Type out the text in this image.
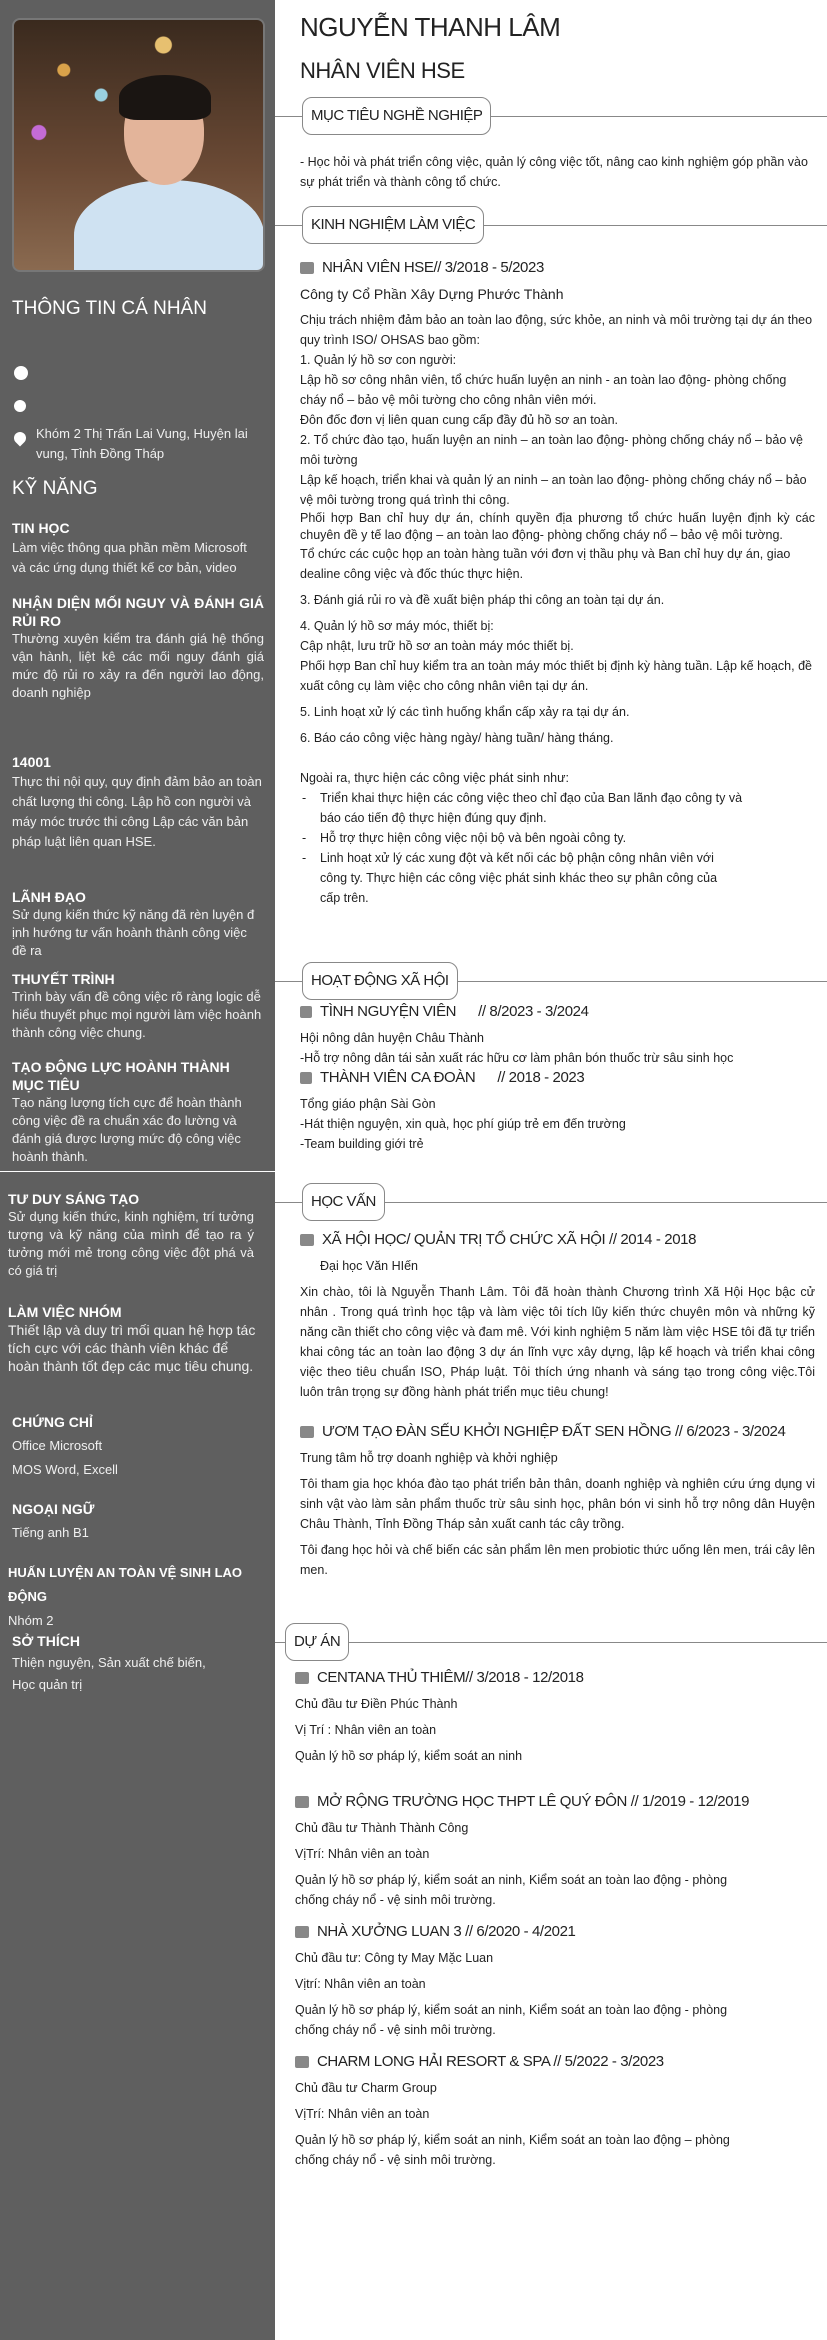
THÔNG TIN CÁ NHÂN
Khóm 2 Thị Trấn Lai Vung, Huyện lai vung, Tỉnh Đồng Tháp
KỸ NĂNG
TIN HỌC
Làm việc thông qua phần mềm Microsoft và các ứng dụng thiết kế cơ bản, video
NHẬN DIỆN MỐI NGUY VÀ ĐÁNH GIÁ RỦI RO
Thường xuyên kiểm tra đánh giá hệ thống vận hành, liệt kê các mối nguy đánh giá mức độ rủi ro xảy ra đến người lao động, doanh nghiệp
14001
Thực thi nội quy, quy định đảm bảo an toàn chất lượng thi công. Lập hồ con người và máy móc trước thi công Lập các văn bản pháp luật liên quan HSE.
LÃNH ĐẠO
Sử dụng kiến thức kỹ năng đã rèn luyện đ ịnh hướng tư vấn hoành thành công việc đề ra
THUYẾT TRÌNH
Trình bày vấn đề công việc rõ ràng logic dễ hiểu thuyết phục mọi người làm việc hoành thành công việc chung.
TẠO ĐỘNG LỰC HOÀNH THÀNH MỤC TIÊU
Tạo năng lượng tích cực để hoàn thành công việc đề ra chuẩn xác đo lường và đánh giá được lượng mức độ công việc hoành thành.
TƯ DUY SÁNG TẠO
Sử dụng kiến thức, kinh nghiệm, trí tưởng tượng và kỹ năng của mình để tạo ra ý tưởng mới mẻ trong công việc đột phá và có giá trị
LÀM VIỆC NHÓM
Thiết lập và duy trì mối quan hệ hợp tác tích cực với các thành viên khác để hoàn thành tốt đẹp các mục tiêu chung.
CHỨNG CHỈ
Office Microsoft
MOS Word, Excell
NGOẠI NGỮ
Tiếng anh B1
HUẤN LUYỆN AN TOÀN VỆ SINH LAO ĐỘNG
Nhóm 2
SỞ THÍCH
Thiện nguyện, Sản xuất chế biến,
Học quản trị
NGUYỄN THANH LÂM
NHÂN VIÊN HSE
MỤC TIÊU NGHỀ NGHIỆP
- Học hỏi và phát triển công việc, quản lý công việc tốt, nâng cao kinh nghiệm góp phần vào sự phát triển và thành công tổ chức.
KINH NGHIỆM LÀM VIỆC
NHÂN VIÊN HSE// 3/2018 - 5/2023

Công ty Cổ Phần Xây Dựng Phước Thành

Chịu trách nhiệm đảm bảo an toàn lao động, sức khỏe, an ninh và môi trường tại dự án theo quy trình ISO/ OHSAS bao gồm:

1. Quản lý hồ sơ con người:

Lập hồ sơ công nhân viên, tổ chức huấn luyện an ninh - an toàn lao động- phòng chống cháy nổ – bảo vệ môi tường cho công nhân viên mới.

Đôn đốc đơn vị liên quan cung cấp đầy đủ hồ sơ an toàn.

2. Tổ chức đào tạo, huấn luyện an ninh – an toàn lao động- phòng chống cháy nổ – bảo vệ môi tường

Lập kế hoạch, triển khai và quản lý an ninh – an toàn lao động- phòng chống cháy nổ – bảo vệ môi tường trong quá trình thi công.

Phối hợp Ban chỉ huy dự án, chính quyền địa phương tổ chức huấn luyện định kỳ các chuyên đề y tế lao động – an toàn lao động- phòng chống cháy nổ – bảo vệ môi tường.

Tổ chức các cuộc họp an toàn hàng tuần với đơn vị thầu phụ và Ban chỉ huy dự án, giao dealine công việc và đốc thúc thực hiện.

3. Đánh giá rủi ro và đề xuất biện pháp thi công an toàn tại dự án.

4. Quản lý hồ sơ máy móc, thiết bị:

Cập nhật, lưu trữ hồ sơ an toàn máy móc thiết bị.

Phối hợp Ban chỉ huy kiểm tra an toàn máy móc thiết bị định kỳ hàng tuần. Lập kế hoạch, đề xuất công cụ làm việc cho công nhân viên tại dự án.

5. Linh hoạt xử lý các tình huống khẩn cấp xảy ra tại dự án.

6. Báo cáo công việc hàng ngày/ hàng tuần/ hàng tháng.

Ngoài ra, thực hiện các công việc phát sinh như:

- Triển khai thực hiện các công việc theo chỉ đạo của Ban lãnh đạo công ty và báo cáo tiến độ thực hiện đúng quy định.

- Hỗ trợ thực hiện công việc nội bộ và bên ngoài công ty.

- Linh hoạt xử lý các xung đột và kết nối các bộ phận công nhân viên với công ty. Thực hiện các công việc phát sinh khác theo sự phân công của cấp trên.

HOẠT ĐỘNG XÃ HỘI
TÌNH NGUYỆN VIÊN // 8/2023 - 3/2024

Hội nông dân huyện Châu Thành

-Hỗ trợ nông dân tái sản xuất rác hữu cơ làm phân bón thuốc trừ sâu sinh học

THÀNH VIÊN CA ĐOÀN // 2018 - 2023

Tổng giáo phận Sài Gòn

-Hát thiện nguyện, xin quà, học phí giúp trẻ em đến trường

-Team building giới trẻ

HỌC VẤN
XÃ HỘI HỌC/ QUẢN TRỊ TỔ CHỨC XÃ HỘI // 2014 - 2018

Đại học Văn HIến

Xin chào, tôi là Nguyễn Thanh Lâm. Tôi đã hoàn thành Chương trình Xã Hội Học bậc cử nhân . Trong quá trình học tập và làm việc tôi tích lũy kiến thức chuyên môn và những kỹ năng cần thiết cho công việc và đam mê. Với kinh nghiệm 5 năm làm việc HSE tôi đã tự triển khai công tác an toàn lao động 3 dự án lĩnh vực xây dựng, lập kế hoạch và triển khai công việc theo tiêu chuẩn ISO, Pháp luật. Tôi thích ứng nhanh và sáng tạo trong công việc.Tôi luôn trân trọng sự đồng hành phát triển mục tiêu chung!

ƯƠM TẠO ĐÀN SẾU KHỞI NGHIỆP ĐẤT SEN HỒNG // 6/2023 - 3/2024

Trung tâm hỗ trợ doanh nghiệp và khởi nghiệp

Tôi tham gia học khóa đào tạo phát triển bản thân, doanh nghiệp và nghiên cứu ứng dụng vi sinh vật vào làm sản phẩm thuốc trừ sâu sinh học, phân bón vi sinh hỗ trợ nông dân Huyện Châu Thành, Tỉnh Đồng Tháp sản xuất canh tác cây trồng.

Tôi đang học hỏi và chế biến các sản phẩm lên men probiotic thức uống lên men, trái cây lên men.

DỰ ÁN
CENTANA THỦ THIÊM// 3/2018 - 12/2018

Chủ đầu tư Điền Phúc Thành

Vị Trí : Nhân viên an toàn

Quản lý hồ sơ pháp lý, kiểm soát an ninh

MỞ RỘNG TRƯỜNG HỌC THPT LÊ QUÝ ĐÔN // 1/2019 - 12/2019

Chủ đầu tư Thành Thành Công

VịTrí: Nhân viên an toàn

Quản lý hồ sơ pháp lý, kiểm soát an ninh, Kiểm soát an toàn lao động - phòng chống cháy nổ - vệ sinh môi trường.

NHÀ XƯỞNG LUAN 3 // 6/2020 - 4/2021

Chủ đầu tư: Công ty May Mặc Luan

Vịtrí: Nhân viên an toàn

Quản lý hồ sơ pháp lý, kiểm soát an ninh, Kiểm soát an toàn lao động - phòng chống cháy nổ - vệ sinh môi trường.

CHARM LONG HẢI RESORT & SPA // 5/2022 - 3/2023

Chủ đầu tư Charm Group

VịTrí: Nhân viên an toàn

Quản lý hồ sơ pháp lý, kiểm soát an ninh, Kiểm soát an toàn lao động – phòng chống cháy nổ - vệ sinh môi trường.
